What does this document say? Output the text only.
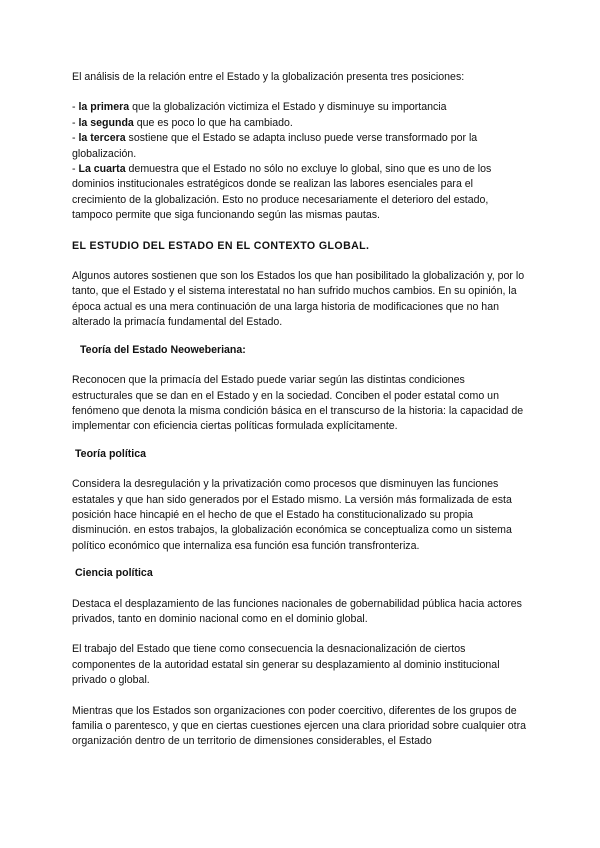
El análisis de la relación entre el Estado y la globalización presenta tres posiciones:

- la primera que la globalización victimiza el Estado y disminuye su importancia

- la segunda que es poco lo que ha cambiado.

- la tercera sostiene que el Estado se adapta incluso puede verse transformado por la globalización.

- La cuarta demuestra que el Estado no sólo no excluye lo global, sino que es uno de los dominios institucionales estratégicos donde se realizan las labores esenciales para el crecimiento de la globalización. Esto no produce necesariamente el deterioro del estado, tampoco permite que siga funcionando según las mismas pautas.

EL ESTUDIO DEL ESTADO EN EL CONTEXTO GLOBAL.

Algunos autores sostienen que son los Estados los que han posibilitado la globalización y, por lo tanto, que el Estado y el sistema interestatal no han sufrido muchos cambios. En su opinión, la época actual es una mera continuación de una larga historia de modificaciones que no han alterado la primacía fundamental del Estado.

Teoría del Estado Neoweberiana:

Reconocen que la primacía del Estado puede variar según las distintas condiciones estructurales que se dan en el Estado y en la sociedad. Conciben el poder estatal como un fenómeno que denota la misma condición básica en el transcurso de la historia: la capacidad de implementar con eficiencia ciertas políticas formulada explícitamente.

Teoría política

Considera la desregulación y la privatización como procesos que disminuyen las funciones estatales y que han sido generados por el Estado mismo. La versión más formalizada de esta posición hace hincapié en el hecho de que el Estado ha constitucionalizado su propia disminución. en estos trabajos, la globalización económica se conceptualiza como un sistema político económico que internaliza esa función esa función transfronteriza.

Ciencia política

Destaca el desplazamiento de las funciones nacionales de gobernabilidad pública hacia actores privados, tanto en dominio nacional como en el dominio global.

El trabajo del Estado que tiene como consecuencia la desnacionalización de ciertos componentes de la autoridad estatal sin generar su desplazamiento al dominio institucional privado o global.

Mientras que los Estados son organizaciones con poder coercitivo, diferentes de los grupos de familia o parentesco, y que en ciertas cuestiones ejercen una clara prioridad sobre cualquier otra organización dentro de un territorio de dimensiones considerables, el Estado
